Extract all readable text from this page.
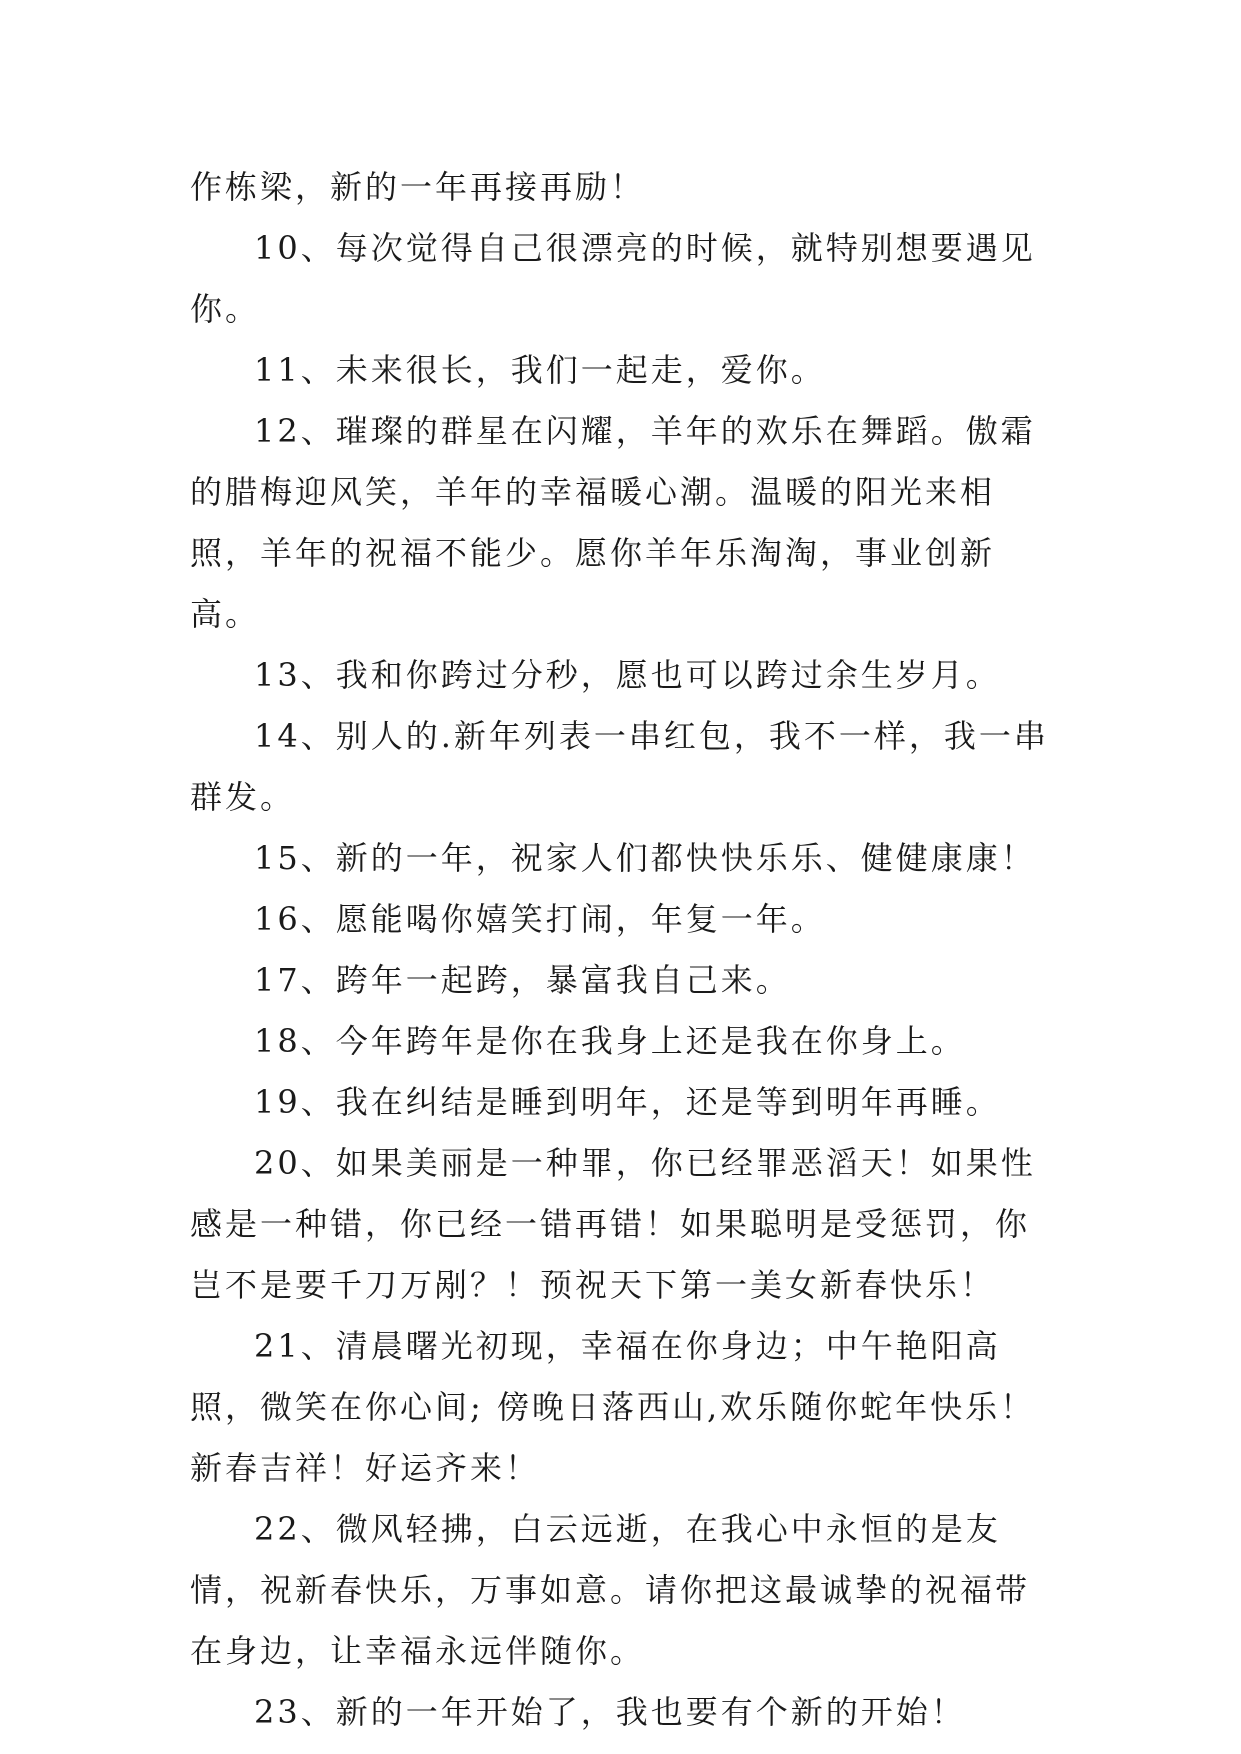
作栋梁，新的一年再接再励！

10、每次觉得自己很漂亮的时候，就特别想要遇见你。

11、未来很长，我们一起走，爱你。

12、璀璨的群星在闪耀，羊年的欢乐在舞蹈。傲霜的腊梅迎风笑，羊年的幸福暖心潮。温暖的阳光来相照，羊年的祝福不能少。愿你羊年乐淘淘，事业创新高。

13、我和你跨过分秒，愿也可以跨过余生岁月。

14、别人的.新年列表一串红包，我不一样，我一串群发。

15、新的一年，祝家人们都快快乐乐、健健康康！

16、愿能喝你嬉笑打闹，年复一年。

17、跨年一起跨，暴富我自己来。

18、今年跨年是你在我身上还是我在你身上。

19、我在纠结是睡到明年，还是等到明年再睡。

20、如果美丽是一种罪，你已经罪恶滔天！如果性感是一种错，你已经一错再错！如果聪明是受惩罚，你岂不是要千刀万剐？！预祝天下第一美女新春快乐！

21、清晨曙光初现，幸福在你身边；中午艳阳高照，微笑在你心间; 傍晚日落西山,欢乐随你蛇年快乐！新春吉祥！好运齐来！

22、微风轻拂，白云远逝，在我心中永恒的是友情，祝新春快乐，万事如意。请你把这最诚挚的祝福带在身边，让幸福永远伴随你。

23、新的一年开始了，我也要有个新的开始！
